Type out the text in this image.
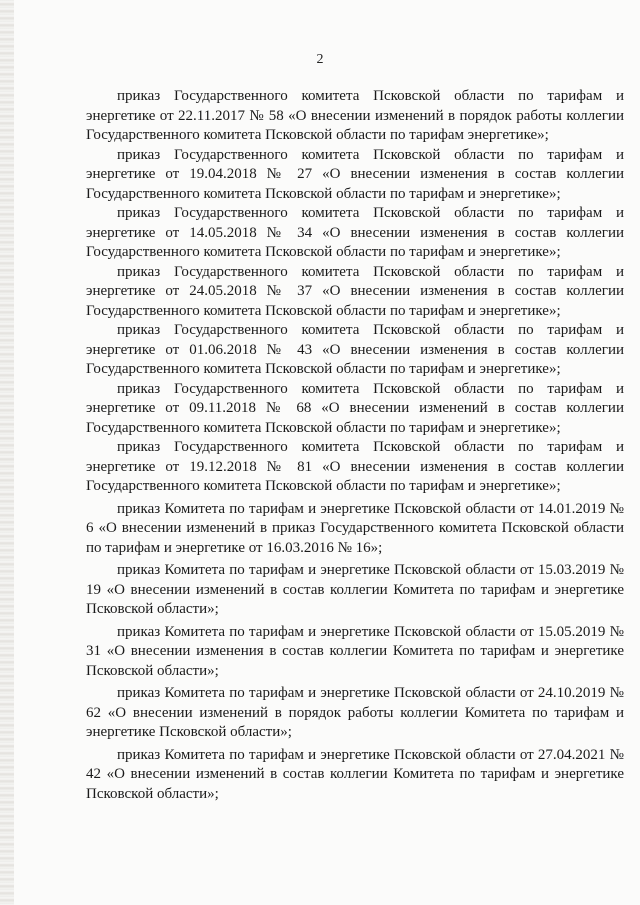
2

приказ Государственного комитета Псковской области по тарифам и энергетике от 22.11.2017 № 58 «О внесении изменений в порядок работы коллегии Государственного комитета Псковской области по тарифам энергетике»;

приказ Государственного комитета Псковской области по тарифам и энергетике от 19.04.2018 № 27 «О внесении изменения в состав коллегии Государственного комитета Псковской области по тарифам и энергетике»;

приказ Государственного комитета Псковской области по тарифам и энергетике от 14.05.2018 № 34 «О внесении изменения в состав коллегии Государственного комитета Псковской области по тарифам и энергетике»;

приказ Государственного комитета Псковской области по тарифам и энергетике от 24.05.2018 № 37 «О внесении изменения в состав коллегии Государственного комитета Псковской области по тарифам и энергетике»;

приказ Государственного комитета Псковской области по тарифам и энергетике от 01.06.2018 № 43 «О внесении изменения в состав коллегии Государственного комитета Псковской области по тарифам и энергетике»;

приказ Государственного комитета Псковской области по тарифам и энергетике от 09.11.2018 № 68 «О внесении изменений в состав коллегии Государственного комитета Псковской области по тарифам и энергетике»;

приказ Государственного комитета Псковской области по тарифам и энергетике от 19.12.2018 № 81 «О внесении изменения в состав коллегии Государственного комитета Псковской области по тарифам и энергетике»;

приказ Комитета по тарифам и энергетике Псковской области от 14.01.2019 № 6 «О внесении изменений в приказ Государственного комитета Псковской области по тарифам и энергетике от 16.03.2016 № 16»;

приказ Комитета по тарифам и энергетике Псковской области от 15.03.2019 № 19 «О внесении изменений в состав коллегии Комитета по тарифам и энергетике Псковской области»;

приказ Комитета по тарифам и энергетике Псковской области от 15.05.2019 № 31 «О внесении изменения в состав коллегии Комитета по тарифам и энергетике Псковской области»;

приказ Комитета по тарифам и энергетике Псковской области от 24.10.2019 № 62 «О внесении изменений в порядок работы коллегии Комитета по тарифам и энергетике Псковской области»;

приказ Комитета по тарифам и энергетике Псковской области от 27.04.2021 № 42 «О внесении изменений в состав коллегии Комитета по тарифам и энергетике Псковской области»;
